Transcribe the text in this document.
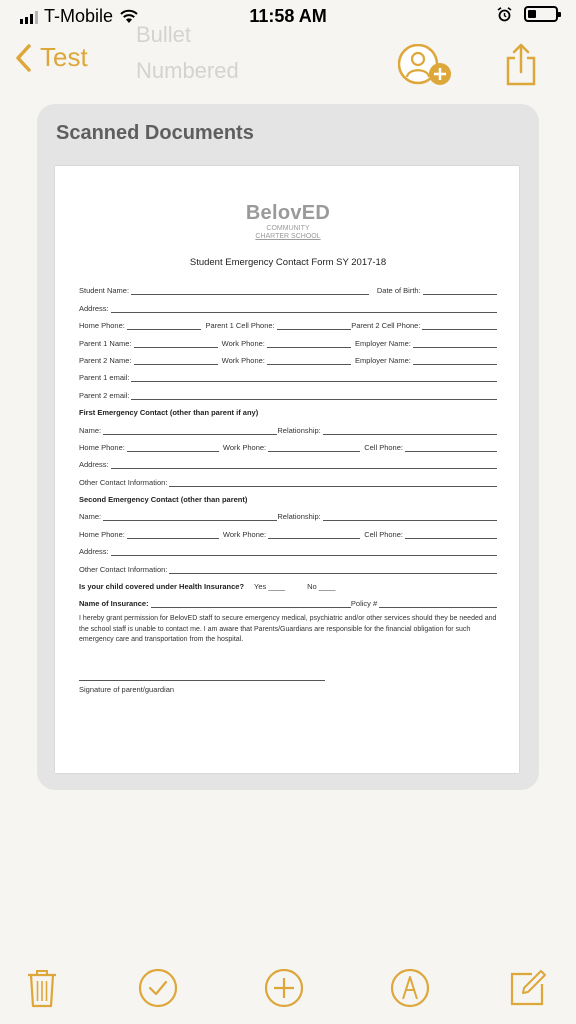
T-Mobile	11:58 AM
Bullet
Numbered
Test
Scanned Documents
BelovED
COMMUNITY
CHARTER SCHOOL
Student Emergency Contact Form SY 2017-18
Student Name:	Date of Birth:
Address:
Home Phone:	Parent 1 Cell Phone:	Parent 2 Cell Phone:
Parent 1 Name:	Work Phone:	Employer Name:
Parent 2 Name:	Work Phone:	Employer Name:
Parent 1 email:
Parent 2 email:
First Emergency Contact (other than parent if any)
Name:	Relationship:
Home Phone:	Work Phone:	Cell Phone:
Address:
Other Contact Information:
Second Emergency Contact (other than parent)
Name:	Relationship:
Home Phone:	Work Phone:	Cell Phone:
Address:
Other Contact Information:
Is your child covered under Health Insurance? Yes ____	No ____
Name of Insurance:	Policy #
I hereby grant permission for BelovED staff to secure emergency medical, psychiatric and/or other services should they be needed and the school staff is unable to contact me. I am aware that Parents/Guardians are responsible for the financial obligation for such emergency care and transportation from the hospital.
Signature of parent/guardian
